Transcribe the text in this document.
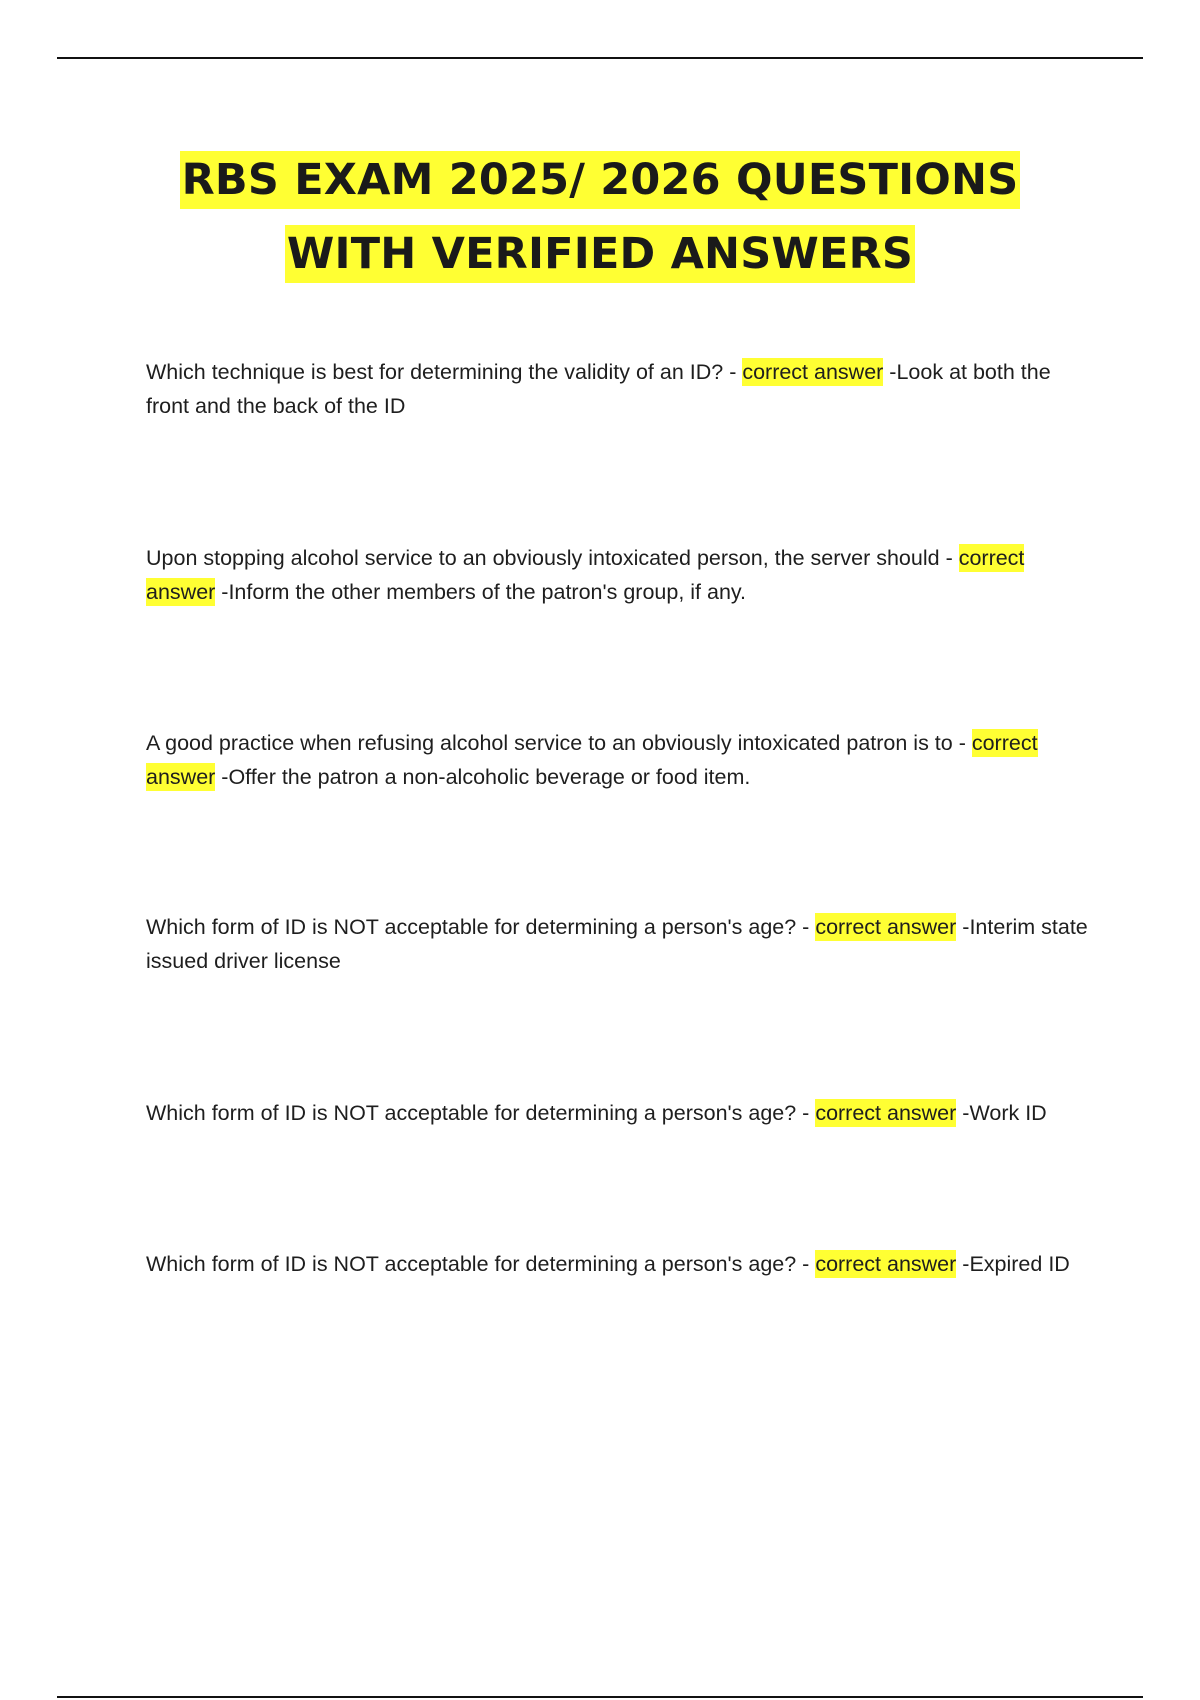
RBS EXAM 2025/ 2026 QUESTIONS
WITH VERIFIED ANSWERS
Which technique is best for determining the validity of an ID? - correct answer -Look at both the front and the back of the ID
Upon stopping alcohol service to an obviously intoxicated person, the server should - correct answer -Inform the other members of the patron's group, if any.
A good practice when refusing alcohol service to an obviously intoxicated patron is to - correct answer -Offer the patron a non-alcoholic beverage or food item.
Which form of ID is NOT acceptable for determining a person's age? - correct answer -Interim state issued driver license
Which form of ID is NOT acceptable for determining a person's age? - correct answer -Work ID
Which form of ID is NOT acceptable for determining a person's age? - correct answer -Expired ID
